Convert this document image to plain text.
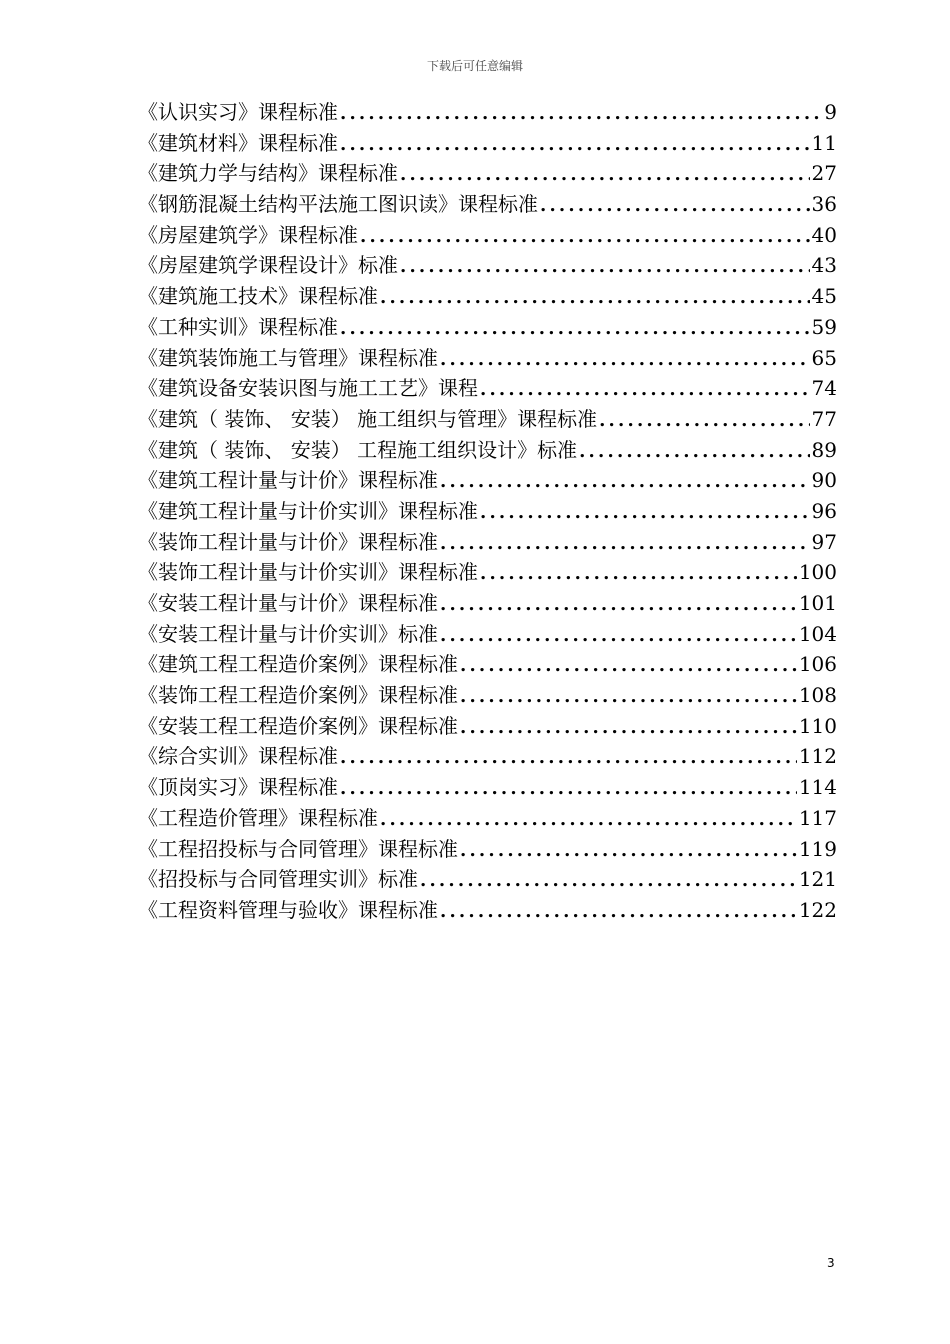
下载后可任意编辑
《认识实习》课程标准 .....	9
《建筑材料》课程标准 .....	11
《建筑力学与结构》课程标准 .....	27
《钢筋混凝土结构平法施工图识读》课程标准 .....	36
《房屋建筑学》课程标准 .....	40
《房屋建筑学课程设计》标准 .....	43
《建筑施工技术》课程标准 .....	45
《工种实训》课程标准 .....	59
《建筑装饰施工与管理》课程标准 .....	65
《建筑设备安装识图与施工工艺》课程 .....	74
《建筑（ 装饰、 安装） 施工组织与管理》课程标准 .....	77
《建筑（ 装饰、 安装） 工程施工组织设计》标准 .....	89
《建筑工程计量与计价》课程标准 .....	90
《建筑工程计量与计价实训》课程标准 .....	96
《装饰工程计量与计价》课程标准 .....	97
《装饰工程计量与计价实训》课程标准 .....	100
《安装工程计量与计价》课程标准 .....	101
《安装工程计量与计价实训》标准 .....	104
《建筑工程工程造价案例》课程标准 .....	106
《装饰工程工程造价案例》课程标准 .....	108
《安装工程工程造价案例》课程标准 .....	110
《综合实训》课程标准 .....	112
《顶岗实习》课程标准 .....	114
《工程造价管理》课程标准 .....	117
《工程招投标与合同管理》课程标准 .....	119
《招投标与合同管理实训》标准 .....	121
《工程资料管理与验收》课程标准 .....	122
3
